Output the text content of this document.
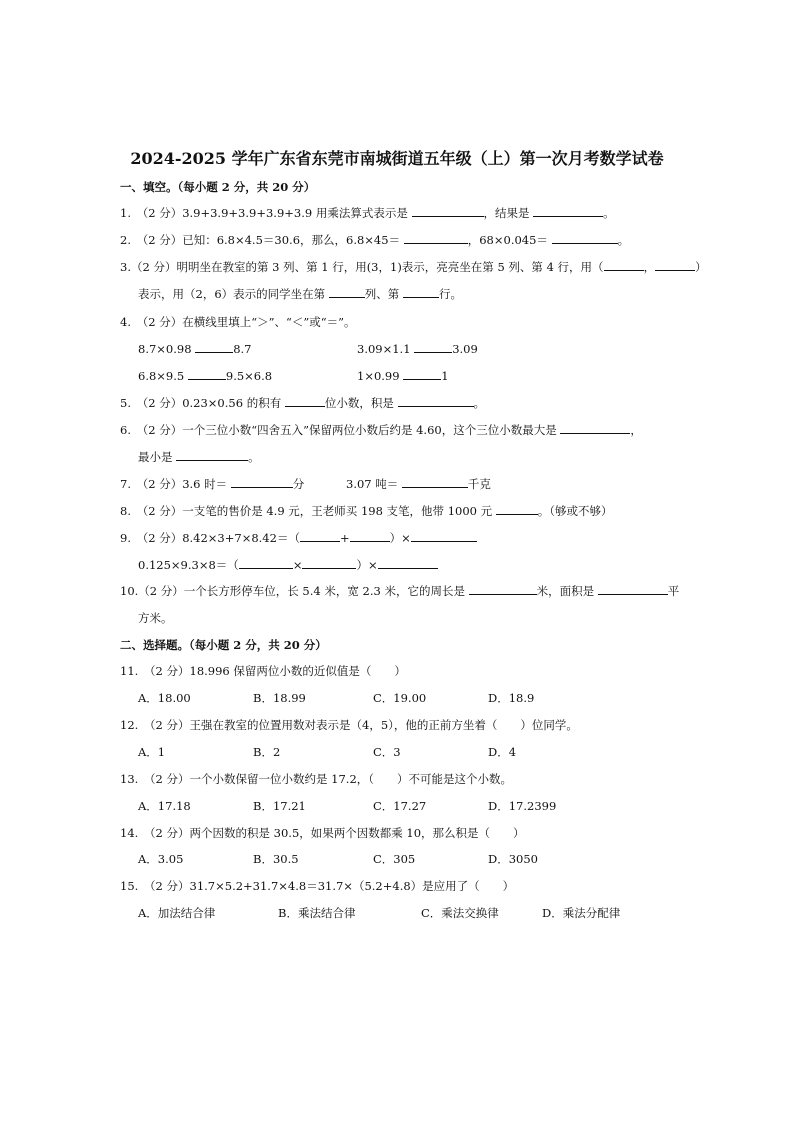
2024-2025 学年广东省东莞市南城街道五年级（上）第一次月考数学试卷
一、填空。（每小题 2 分，共 20 分）
1.　（2 分）3.9+3.9+3.9+3.9+3.9 用乘法算式表示是	，结果是	。
2.　（2 分）已知：6.8×4.5＝30.6，那么，6.8×45＝	，68×0.045＝	。
3.（2 分）明明坐在教室的第 3 列、第 1 行，用(3，1)表示，亮亮坐在第 5 列、第 4 行，用（	，	）
表示，用（2，6）表示的同学坐在第	列、第	行。
4.　（2 分）在横线里填上“＞”、“＜”或“＝”。
8.7×0.98	8.7	3.09×1.1	3.09
6.8×9.5	9.5×6.8	1×0.99	1
5.　（2 分）0.23×0.56 的积有	位小数，积是	。
6.　（2 分）一个三位小数“四舍五入”保留两位小数后约是 4.60，这个三位小数最大是	，
最小是	。
7.　（2 分）3.6 时＝	分	3.07 吨＝	千克
8.　（2 分）一支笔的售价是 4.9 元，王老师买 198 支笔，他带 1000 元	。（够或不够）
9.　（2 分）8.42×3+7×8.42＝（	+	）×
0.125×9.3×8＝（	×	）×
10.（2 分）一个长方形停车位，长 5.4 米，宽 2.3 米，它的周长是	米，面积是	平
方米。
二、选择题。（每小题 2 分，共 20 分）
11.　（2 分）18.996 保留两位小数的近似值是（　　）
A．18.00	B．18.99	C．19.00	D．18.9
12.　（2 分）王强在教室的位置用数对表示是（4，5），他的正前方坐着（　　）位同学。
A．1	B．2	C．3	D．4
13.　（2 分）一个小数保留一位小数约是 17.2，（　　）不可能是这个小数。
A．17.18	B．17.21	C．17.27	D．17.2399
14.　（2 分）两个因数的积是 30.5，如果两个因数都乘 10，那么积是（　　）
A．3.05	B．30.5	C．305	D．3050
15.　（2 分）31.7×5.2+31.7×4.8＝31.7×（5.2+4.8）是应用了（　　）
A．加法结合律	B．乘法结合律	C．乘法交换律	D．乘法分配律
